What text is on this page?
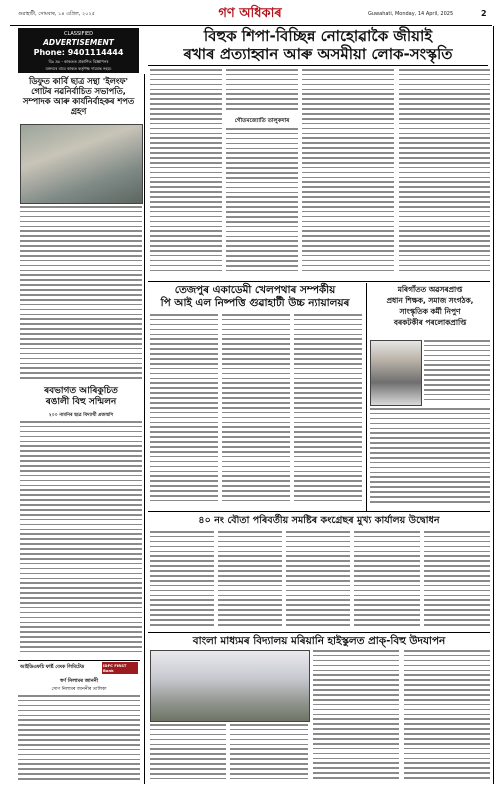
গুৱাহাটী, সোমবাৰ, ১৪ এপ্ৰিল, ২০২৫	গণ অধিকাৰ	Guwahati, Monday, 14 April, 2025	2
CLASSIFIED
ADVERTISEMENT
Phone: 9401114444
বিঃ দ্ৰঃ - কাকতত প্ৰকাশিত বিজ্ঞাপনৰ
বক্তব্যৰ বাবে কাকত কৰ্তৃপক্ষ দায়বদ্ধ নহয়।
বিহুক শিপা-বিচ্ছিন্ন নোহোৱাকৈ জীয়াই
ৰখাৰ প্ৰত্যাহ্বান আৰু অসমীয়া লোক-সংস্কৃতি
ডিফুত কাৰ্বি ছাত্ৰ সন্থা 'ইলংফ' গোটৰ নৱনিৰ্বাচিত সভাপতি, সম্পাদক আৰু কাৰ্যনিৰ্বাহকৰ শপত গ্ৰহণ
ৰবভাগত আৰিকুচিত
ৰঙালী বিহু সন্মিলন
২০০ নামনিৰ ছাত্ৰ বিদ্যাৰ্থী প্ৰজন্মণি
আইডিএফচি ফাৰ্ষ্ট বেংক লিমিটেড	IDFC FIRST Bank
স্বৰ্ণ নিলামৰ জাননী
সোণ নিলামৰ জাননীৰ তালিকা
গৌতমজ্যোতি তালুকদাৰ
তেজপুৰ একাডেমী খেলপথাৰ সম্পৰ্কীয়
পি আই এল নিষ্পত্তি গুৱাহাটী উচ্চ ন্যায়ালয়ৰ
মৰিগাঁতত অৱসৰপ্ৰাপ্ত
প্ৰধান শিক্ষক, সমাজ সংগঠক,
সাংস্কৃতিক কৰ্মী নিপুণ
বৰকটকীৰ পৰলোকপ্ৰাপ্তি
৪০ নং বৌতা পৰিবৰ্তীয় সমষ্টিৰ কংগ্ৰেছৰ মুখ্য কাৰ্যালয় উদ্বোধন
বাংলা মাধ্যমৰ বিদ্যালয় মৰিয়ানি হাইস্কুলত প্ৰাক্-বিহু উদযাপন
